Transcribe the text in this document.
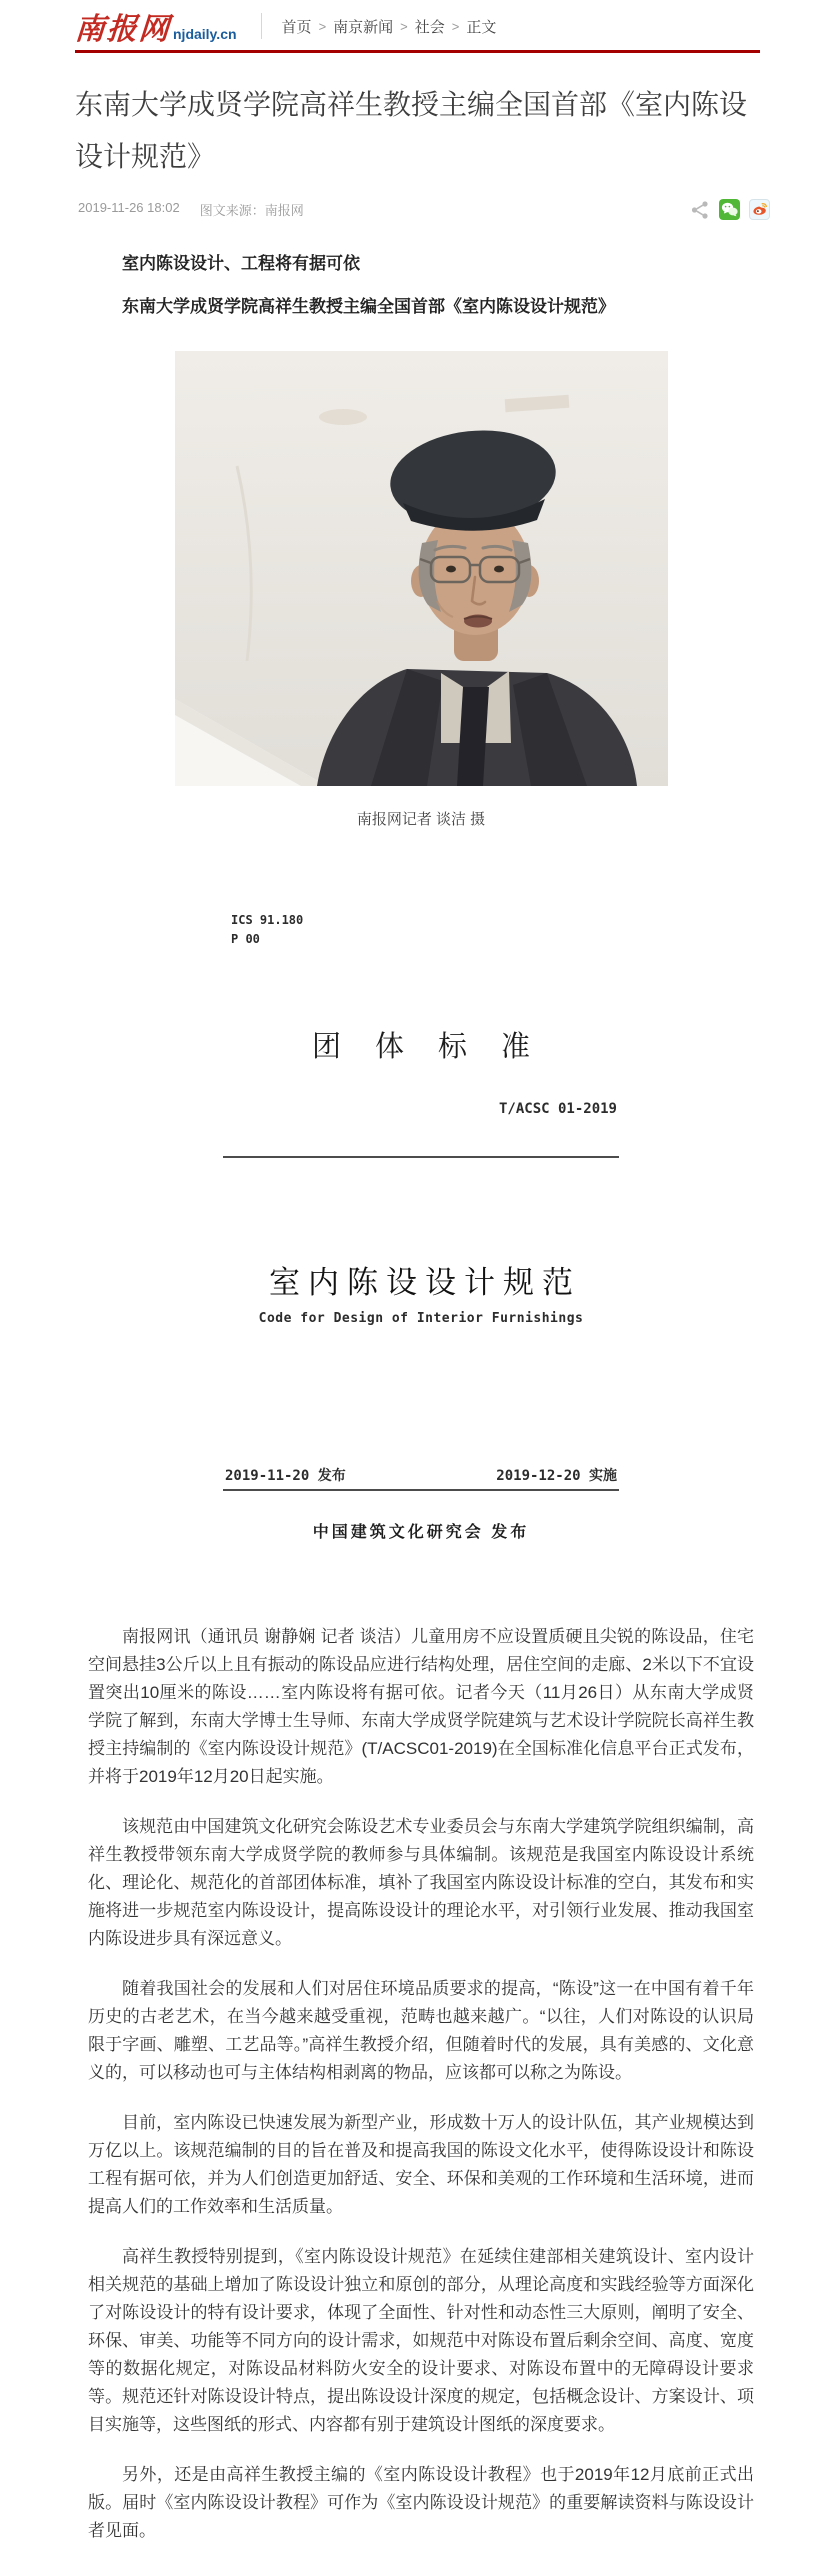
南报网 njdaily.cn	首页 > 南京新闻 > 社会 > 正文
东南大学成贤学院高祥生教授主编全国首部《室内陈设设计规范》
2019-11-26 18:02 图文来源：南报网

室内陈设设计、工程将有据可依

东南大学成贤学院高祥生教授主编全国首部《室内陈设设计规范》

南报网记者 谈洁 摄
ICS 91.180
P 00
团体标准
T/ACSC 01-2019
室内陈设设计规范
Code for Design of Interior Furnishings
2019-11-20 发布	2019-12-20 实施
中国建筑文化研究会 发布

南报网讯（通讯员 谢静娴 记者 谈洁）儿童用房不应设置质硬且尖锐的陈设品，住宅空间悬挂3公斤以上且有振动的陈设品应进行结构处理，居住空间的走廊、2米以下不宜设置突出10厘米的陈设……室内陈设将有据可依。记者今天（11月26日）从东南大学成贤学院了解到，东南大学博士生导师、东南大学成贤学院建筑与艺术设计学院院长高祥生教授主持编制的《室内陈设设计规范》(T/ACSC01-2019)在全国标准化信息平台正式发布，并将于2019年12月20日起实施。

该规范由中国建筑文化研究会陈设艺术专业委员会与东南大学建筑学院组织编制，高祥生教授带领东南大学成贤学院的教师参与具体编制。该规范是我国室内陈设设计系统化、理论化、规范化的首部团体标准，填补了我国室内陈设设计标准的空白，其发布和实施将进一步规范室内陈设设计，提高陈设设计的理论水平，对引领行业发展、推动我国室内陈设进步具有深远意义。

随着我国社会的发展和人们对居住环境品质要求的提高，“陈设”这一在中国有着千年历史的古老艺术，在当今越来越受重视，范畴也越来越广。“以往，人们对陈设的认识局限于字画、雕塑、工艺品等。”高祥生教授介绍，但随着时代的发展，具有美感的、文化意义的，可以移动也可与主体结构相剥离的物品，应该都可以称之为陈设。

目前，室内陈设已快速发展为新型产业，形成数十万人的设计队伍，其产业规模达到万亿以上。该规范编制的目的旨在普及和提高我国的陈设文化水平，使得陈设设计和陈设工程有据可依，并为人们创造更加舒适、安全、环保和美观的工作环境和生活环境，进而提高人们的工作效率和生活质量。

高祥生教授特别提到，《室内陈设设计规范》在延续住建部相关建筑设计、室内设计相关规范的基础上增加了陈设设计独立和原创的部分，从理论高度和实践经验等方面深化了对陈设设计的特有设计要求，体现了全面性、针对性和动态性三大原则，阐明了安全、环保、审美、功能等不同方向的设计需求，如规范中对陈设布置后剩余空间、高度、宽度等的数据化规定，对陈设品材料防火安全的设计要求、对陈设布置中的无障碍设计要求等。规范还针对陈设设计特点，提出陈设设计深度的规定，包括概念设计、方案设计、项目实施等，这些图纸的形式、内容都有别于建筑设计图纸的深度要求。

另外，还是由高祥生教授主编的《室内陈设设计教程》也于2019年12月底前正式出版。届时《室内陈设设计教程》可作为《室内陈设设计规范》的重要解读资料与陈设设计者见面。
